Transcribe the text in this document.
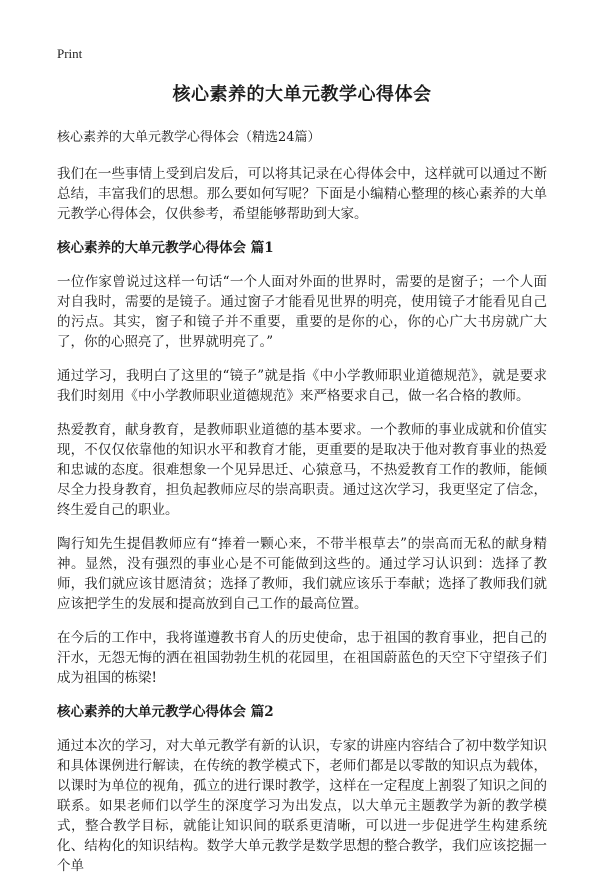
Print
核心素养的大单元教学心得体会
核心素养的大单元教学心得体会（精选24篇）

我们在一些事情上受到启发后，可以将其记录在心得体会中，这样就可以通过不断总结，丰富我们的思想。那么要如何写呢？下面是小编精心整理的核心素养的大单元教学心得体会，仅供参考，希望能够帮助到大家。

核心素养的大单元教学心得体会 篇1

一位作家曾说过这样一句话“一个人面对外面的世界时，需要的是窗子；一个人面对自我时，需要的是镜子。通过窗子才能看见世界的明亮，使用镜子才能看见自己的污点。其实，窗子和镜子并不重要，重要的是你的心，你的心广大书房就广大了，你的心照亮了，世界就明亮了。”

通过学习，我明白了这里的“镜子”就是指《中小学教师职业道德规范》，就是要求我们时刻用《中小学教师职业道德规范》来严格要求自己，做一名合格的教师。

热爱教育，献身教育，是教师职业道德的基本要求。一个教师的事业成就和价值实现，不仅仅依靠他的知识水平和教育才能，更重要的是取决于他对教育事业的热爱和忠诚的态度。很难想象一个见异思迁、心猿意马，不热爱教育工作的教师，能倾尽全力投身教育，担负起教师应尽的崇高职责。通过这次学习，我更坚定了信念，终生爱自己的职业。

陶行知先生提倡教师应有“捧着一颗心来，不带半根草去”的崇高而无私的献身精神。显然，没有强烈的事业心是不可能做到这些的。通过学习认识到：选择了教师，我们就应该甘愿清贫；选择了教师，我们就应该乐于奉献；选择了教师我们就应该把学生的发展和提高放到自己工作的最高位置。

在今后的工作中，我将谨遵教书育人的历史使命，忠于祖国的教育事业，把自己的汗水，无怨无悔的洒在祖国勃勃生机的花园里，在祖国蔚蓝色的天空下守望孩子们成为祖国的栋梁!

核心素养的大单元教学心得体会 篇2

通过本次的学习，对大单元教学有新的认识，专家的讲座内容结合了初中数学知识和具体课例进行解读，在传统的教学模式下，老师们都是以零散的知识点为载体，以课时为单位的视角，孤立的进行课时教学，这样在一定程度上割裂了知识之间的联系。如果老师们以学生的深度学习为出发点，以大单元主题教学为新的教学模式，整合教学目标，就能让知识间的联系更清晰，可以进一步促进学生构建系统化、结构化的知识结构。数学大单元教学是数学思想的整合教学，我们应该挖掘一个单
